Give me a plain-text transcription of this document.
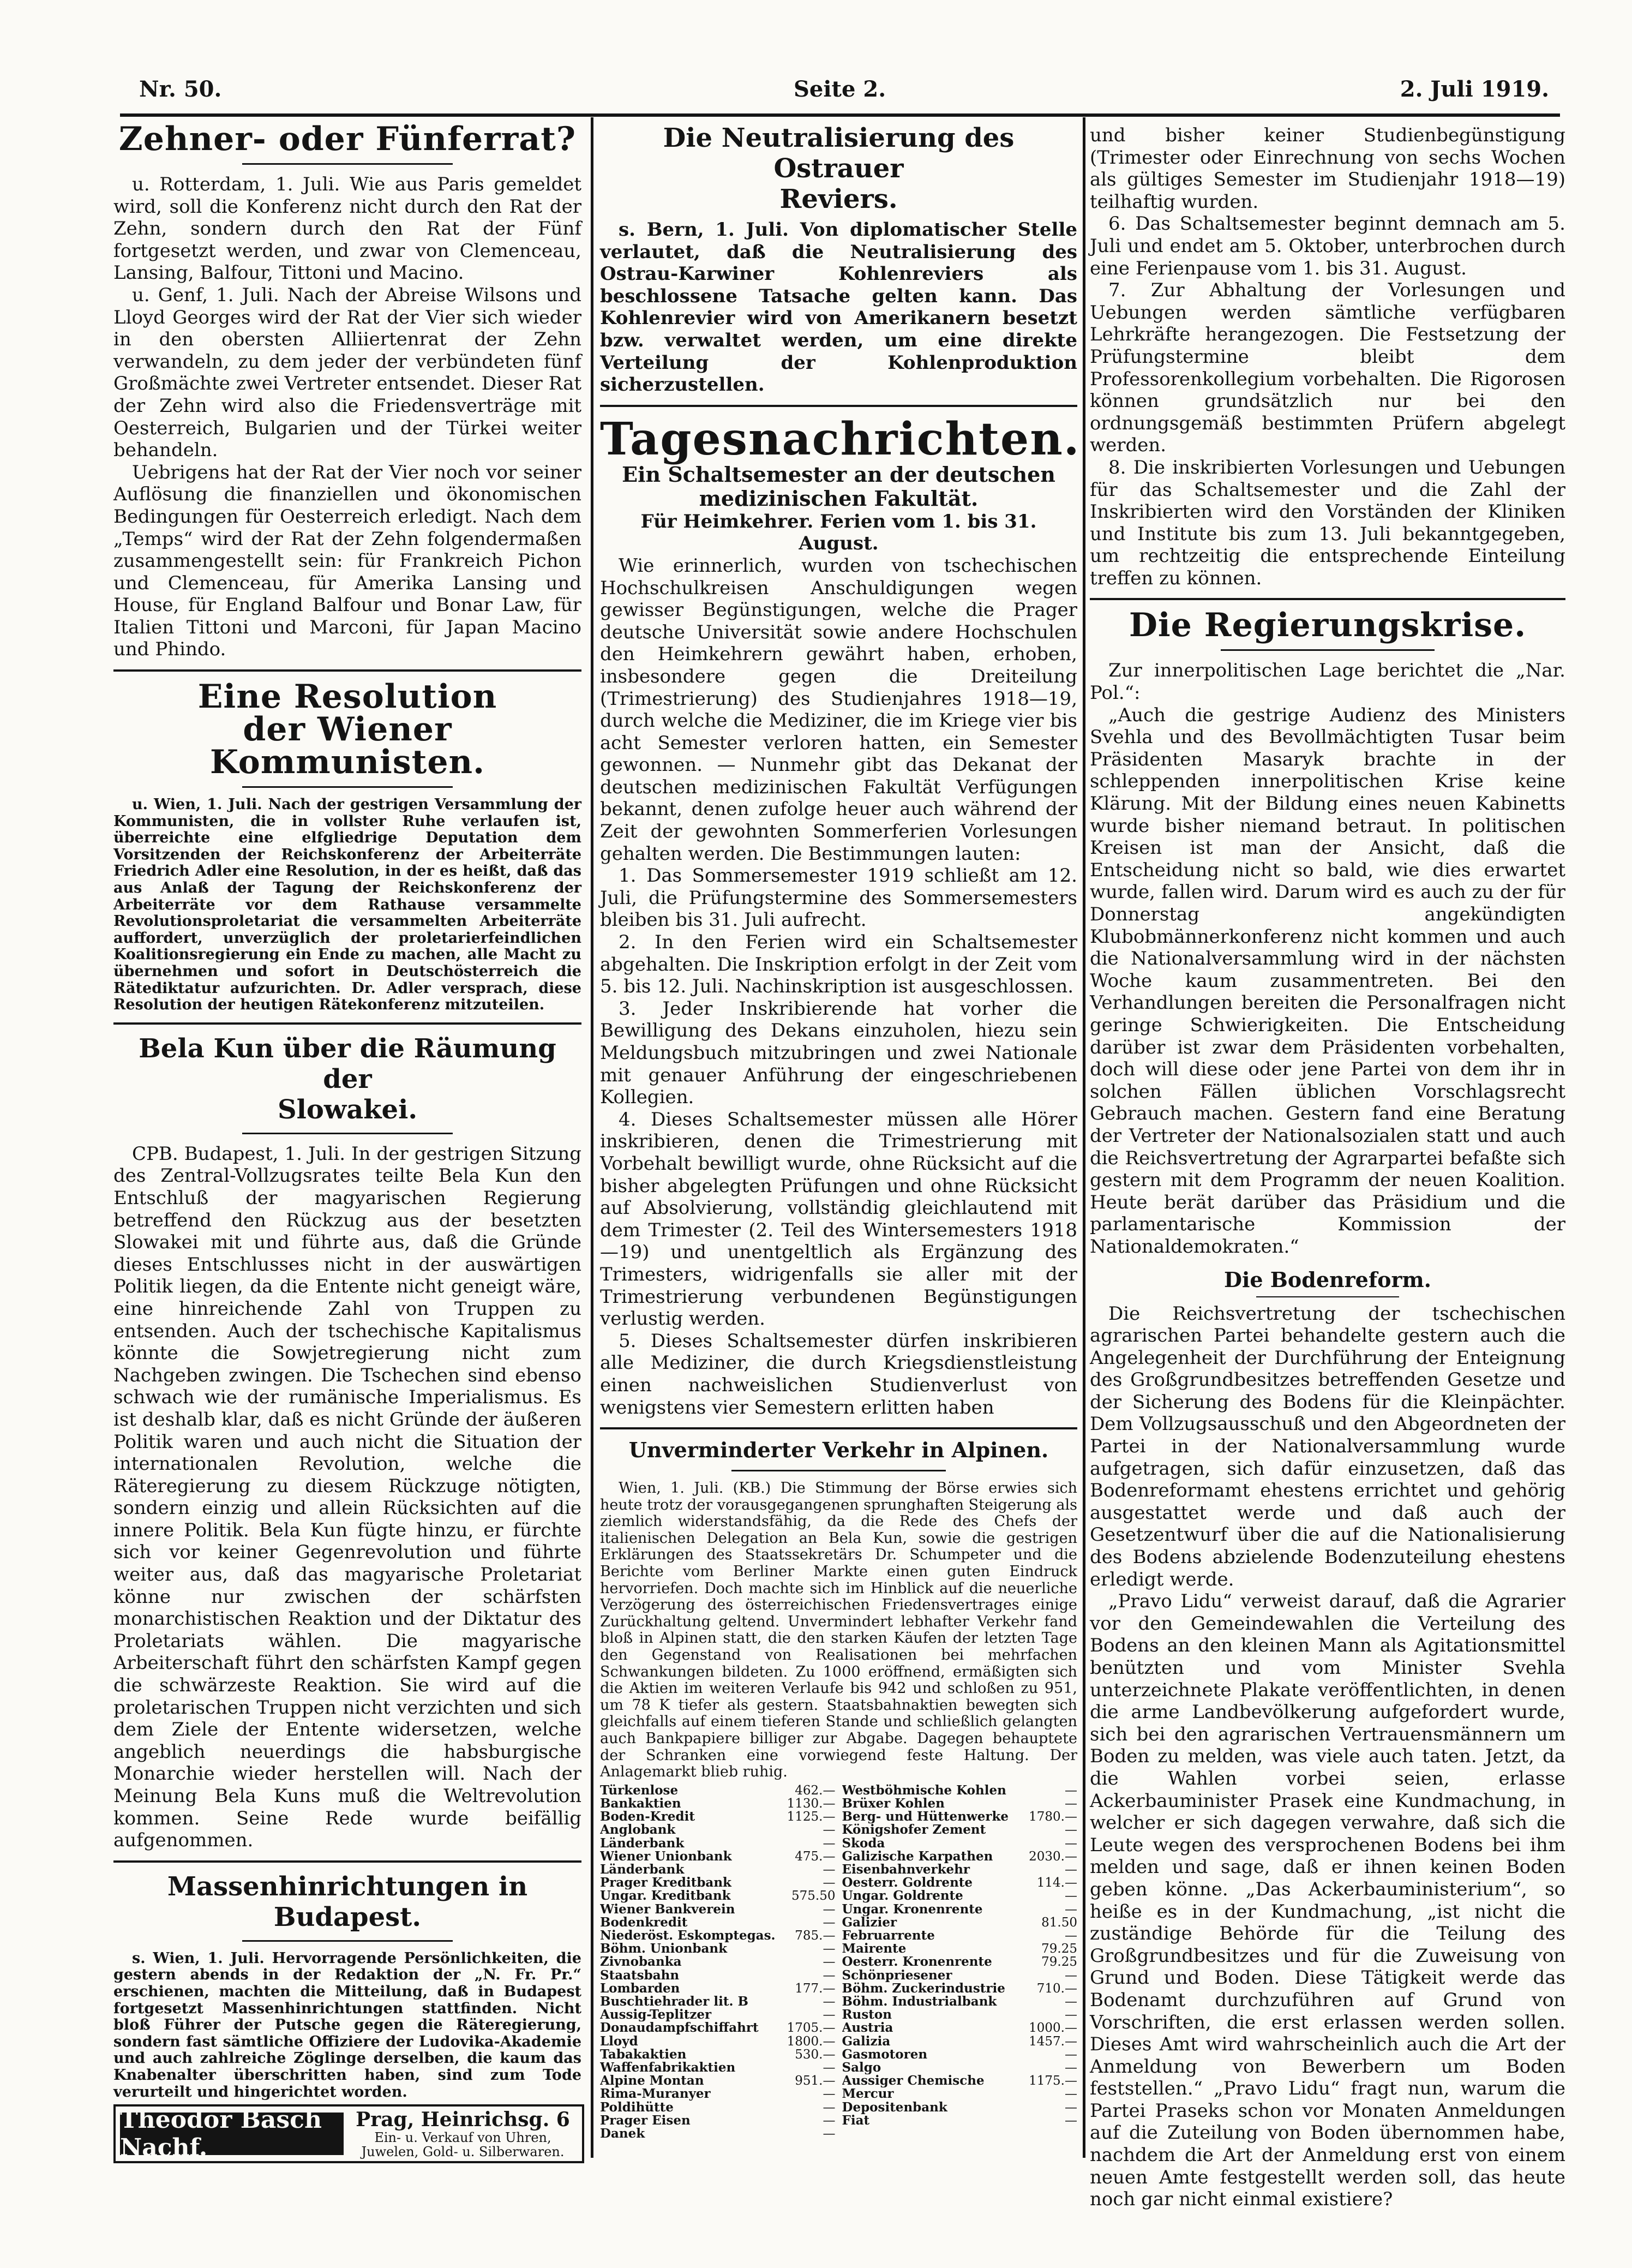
Nr. 50.	Seite 2.	2. Juli 1919.
Zehner- oder Fünferrat?

u. Rotterdam, 1. Juli. Wie aus Paris gemeldet wird, soll die Konferenz nicht durch den Rat der Zehn, sondern durch den Rat der Fünf fortgesetzt werden, und zwar von Clemenceau, Lansing, Balfour, Tittoni und Macino.

u. Genf, 1. Juli. Nach der Abreise Wilsons und Lloyd Georges wird der Rat der Vier sich wieder in den obersten Alliiertenrat der Zehn verwandeln, zu dem jeder der verbündeten fünf Großmächte zwei Vertreter entsendet. Dieser Rat der Zehn wird also die Friedensverträge mit Oesterreich, Bulgarien und der Türkei weiter behandeln.

Uebrigens hat der Rat der Vier noch vor seiner Auflösung die finanziellen und ökonomischen Bedingungen für Oesterreich erledigt. Nach dem „Temps“ wird der Rat der Zehn folgendermaßen zusammengestellt sein: für Frankreich Pichon und Clemenceau, für Amerika Lansing und House, für England Balfour und Bonar Law, für Italien Tittoni und Marconi, für Japan Macino und Phindo.

Eine Resolution
der Wiener Kommunisten.

u. Wien, 1. Juli. Nach der gestrigen Versammlung der Kommunisten, die in vollster Ruhe verlaufen ist, überreichte eine elfgliedrige Deputation dem Vorsitzenden der Reichskonferenz der Arbeiterräte Friedrich Adler eine Resolution, in der es heißt, daß das aus Anlaß der Tagung der Reichskonferenz der Arbeiterräte vor dem Rathause versammelte Revolutionsproletariat die versammelten Arbeiterräte auffordert, unverzüglich der proletarierfeindlichen Koalitionsregierung ein Ende zu machen, alle Macht zu übernehmen und sofort in Deutschösterreich die Rätediktatur aufzurichten. Dr. Adler versprach, diese Resolution der heutigen Rätekonferenz mitzuteilen.

Bela Kun über die Räumung der
Slowakei.

CPB. Budapest, 1. Juli. In der gestrigen Sitzung des Zentral-Vollzugsrates teilte Bela Kun den Entschluß der magyarischen Regierung betreffend den Rückzug aus der besetzten Slowakei mit und führte aus, daß die Gründe dieses Entschlusses nicht in der auswärtigen Politik liegen, da die Entente nicht geneigt wäre, eine hinreichende Zahl von Truppen zu entsenden. Auch der tschechische Kapitalismus könnte die Sowjetregierung nicht zum Nachgeben zwingen. Die Tschechen sind ebenso schwach wie der rumänische Imperialismus. Es ist deshalb klar, daß es nicht Gründe der äußeren Politik waren und auch nicht die Situation der internationalen Revolution, welche die Räteregierung zu diesem Rückzuge nötigten, sondern einzig und allein Rücksichten auf die innere Politik. Bela Kun fügte hinzu, er fürchte sich vor keiner Gegenrevolution und führte weiter aus, daß das magyarische Proletariat könne nur zwischen der schärfsten monarchistischen Reaktion und der Diktatur des Proletariats wählen. Die magyarische Arbeiterschaft führt den schärfsten Kampf gegen die schwärzeste Reaktion. Sie wird auf die proletarischen Truppen nicht verzichten und sich dem Ziele der Entente widersetzen, welche angeblich neuerdings die habsburgische Monarchie wieder herstellen will. Nach der Meinung Bela Kuns muß die Weltrevolution kommen. Seine Rede wurde beifällig aufgenommen.

Massenhinrichtungen in Budapest.

s. Wien, 1. Juli. Hervorragende Persönlichkeiten, die gestern abends in der Redaktion der „N. Fr. Pr.“ erschienen, machten die Mitteilung, daß in Budapest fortgesetzt Massenhinrichtungen stattfinden. Nicht bloß Führer der Putsche gegen die Räteregierung, sondern fast sämtliche Offiziere der Ludovika-Akademie und auch zahlreiche Zöglinge derselben, die kaum das Knabenalter überschritten haben, sind zum Tode verurteilt und hingerichtet worden.

Theodor Basch Nachf.
Prag, Heinrichsg. 6
Ein- u. Verkauf von Uhren,
Juwelen, Gold- u. Silberwaren.
Die Neutralisierung des Ostrauer
Reviers.

s. Bern, 1. Juli. Von diplomatischer Stelle verlautet, daß die Neutralisierung des Ostrau-Karwiner Kohlenreviers als beschlossene Tatsache gelten kann. Das Kohlenrevier wird von Amerikanern besetzt bzw. verwaltet werden, um eine direkte Verteilung der Kohlenproduktion sicherzustellen.

Tagesnachrichten.
Ein Schaltsemester an der deutschen
medizinischen Fakultät.

Für Heimkehrer. Ferien vom 1. bis 31. August.

Wie erinnerlich, wurden von tschechischen Hochschulkreisen Anschuldigungen wegen gewisser Begünstigungen, welche die Prager deutsche Universität sowie andere Hochschulen den Heimkehrern gewährt haben, erhoben, insbesondere gegen die Dreiteilung (Trimestrierung) des Studienjahres 1918—19, durch welche die Mediziner, die im Kriege vier bis acht Semester verloren hatten, ein Semester gewonnen. — Nunmehr gibt das Dekanat der deutschen medizinischen Fakultät Verfügungen bekannt, denen zufolge heuer auch während der Zeit der gewohnten Sommerferien Vorlesungen gehalten werden. Die Bestimmungen lauten:

1. Das Sommersemester 1919 schließt am 12. Juli, die Prüfungstermine des Sommersemesters bleiben bis 31. Juli aufrecht.

2. In den Ferien wird ein Schaltsemester abgehalten. Die Inskription erfolgt in der Zeit vom 5. bis 12. Juli. Nachinskription ist ausgeschlossen.

3. Jeder Inskribierende hat vorher die Bewilligung des Dekans einzuholen, hiezu sein Meldungsbuch mitzubringen und zwei Nationale mit genauer Anführung der eingeschriebenen Kollegien.

4. Dieses Schaltsemester müssen alle Hörer inskribieren, denen die Trimestrierung mit Vorbehalt bewilligt wurde, ohne Rücksicht auf die bisher abgelegten Prüfungen und ohne Rücksicht auf Absolvierung, vollständig gleichlautend mit dem Trimester (2. Teil des Wintersemesters 1918—19) und unentgeltlich als Ergänzung des Trimesters, widrigenfalls sie aller mit der Trimestrierung verbundenen Begünstigungen verlustig werden.

5. Dieses Schaltsemester dürfen inskribieren alle Mediziner, die durch Kriegsdienstleistung einen nachweislichen Studienverlust von wenigstens vier Semestern erlitten haben

Unverminderter Verkehr in Alpinen.

Wien, 1. Juli. (KB.) Die Stimmung der Börse erwies sich heute trotz der vorausgegangenen sprunghaften Steigerung als ziemlich widerstandsfähig, da die Rede des Chefs der italienischen Delegation an Bela Kun, sowie die gestrigen Erklärungen des Staatssekretärs Dr. Schumpeter und die Berichte vom Berliner Markte einen guten Eindruck hervorriefen. Doch machte sich im Hinblick auf die neuerliche Verzögerung des österreichischen Friedensvertrages einige Zurückhaltung geltend. Unvermindert lebhafter Verkehr fand bloß in Alpinen statt, die den starken Käufen der letzten Tage den Gegenstand von Realisationen bei mehrfachen Schwankungen bildeten. Zu 1000 eröffnend, ermäßigten sich die Aktien im weiteren Verlaufe bis 942 und schloßen zu 951, um 78 K tiefer als gestern. Staatsbahnaktien bewegten sich gleichfalls auf einem tieferen Stande und schließlich gelangten auch Bankpapiere billiger zur Abgabe. Dagegen behauptete der Schranken eine vorwiegend feste Haltung. Der Anlagemarkt blieb ruhig.

Türkenlose	462.—
Bankaktien	1130.—
Boden-Kredit	1125.—
Anglobank	—
Länderbank	—
Wiener Unionbank	475.—
Länderbank	—
Prager Kreditbank	—
Ungar. Kreditbank	575.50
Wiener Bankverein	—
Bodenkredit	—
Niederöst. Eskomptegas. 785.—
Böhm. Unionbank	—
Zivnobanka	—
Staatsbahn	—
Lombarden	177.—
Buschtiehrader lit. B	—
Aussig-Teplitzer	—
Donaudampfschiffahrt 1705.—
Lloyd	1800.—
Tabakaktien	530.—
Waffenfabrikaktien	—
Alpine Montan	951.—
Rima-Muranyer	—
Poldihütte	—
Prager Eisen	—
Danek	—
Westböhmische Kohlen	—
Brüxer Kohlen	—
Berg- und Hüttenwerke 1780.—
Königshofer Zement	—
Skoda	—
Galizische Karpathen	2030.—
Eisenbahnverkehr	—
Oesterr. Goldrente	114.—
Ungar. Goldrente	—
Ungar. Kronenrente	—
Galizier	81.50
Februarrente	—
Mairente	79.25
Oesterr. Kronenrente	79.25
Schönpriesener	—
Böhm. Zuckerindustrie	710.—
Böhm. Industrialbank	—
Ruston	—
Austria	1000.—
Galizia	1457.—
Gasmotoren	—
Salgo	—
Aussiger Chemische	1175.—
Mercur	—
Depositenbank	—
Fiat	—

und bisher keiner Studienbegünstigung (Trimester oder Einrechnung von sechs Wochen als gültiges Semester im Studienjahr 1918—19) teilhaftig wurden.

6. Das Schaltsemester beginnt demnach am 5. Juli und endet am 5. Oktober, unterbrochen durch eine Ferienpause vom 1. bis 31. August.

7. Zur Abhaltung der Vorlesungen und Uebungen werden sämtliche verfügbaren Lehrkräfte herangezogen. Die Festsetzung der Prüfungstermine bleibt dem Professorenkollegium vorbehalten. Die Rigorosen können grundsätzlich nur bei den ordnungsgemäß bestimmten Prüfern abgelegt werden.

8. Die inskribierten Vorlesungen und Uebungen für das Schaltsemester und die Zahl der Inskribierten wird den Vorständen der Kliniken und Institute bis zum 13. Juli bekanntgegeben, um rechtzeitig die entsprechende Einteilung treffen zu können.

Die Regierungskrise.

Zur innerpolitischen Lage berichtet die „Nar. Pol.“:

„Auch die gestrige Audienz des Ministers Svehla und des Bevollmächtigten Tusar beim Präsidenten Masaryk brachte in der schleppenden innerpolitischen Krise keine Klärung. Mit der Bildung eines neuen Kabinetts wurde bisher niemand betraut. In politischen Kreisen ist man der Ansicht, daß die Entscheidung nicht so bald, wie dies erwartet wurde, fallen wird. Darum wird es auch zu der für Donnerstag angekündigten Klubobmännerkonferenz nicht kommen und auch die Nationalversammlung wird in der nächsten Woche kaum zusammentreten. Bei den Verhandlungen bereiten die Personalfragen nicht geringe Schwierigkeiten. Die Entscheidung darüber ist zwar dem Präsidenten vorbehalten, doch will diese oder jene Partei von dem ihr in solchen Fällen üblichen Vorschlagsrecht Gebrauch machen. Gestern fand eine Beratung der Vertreter der Nationalsozialen statt und auch die Reichsvertretung der Agrarpartei befaßte sich gestern mit dem Programm der neuen Koalition. Heute berät darüber das Präsidium und die parlamentarische Kommission der Nationaldemokraten.“

Die Bodenreform.

Die Reichsvertretung der tschechischen agrarischen Partei behandelte gestern auch die Angelegenheit der Durchführung der Enteignung des Großgrundbesitzes betreffenden Gesetze und der Sicherung des Bodens für die Kleinpächter. Dem Vollzugsausschuß und den Abgeordneten der Partei in der Nationalversammlung wurde aufgetragen, sich dafür einzusetzen, daß das Bodenreformamt ehestens errichtet und gehörig ausgestattet werde und daß auch der Gesetzentwurf über die auf die Nationalisierung des Bodens abzielende Bodenzuteilung ehestens erledigt werde.

„Pravo Lidu“ verweist darauf, daß die Agrarier vor den Gemeindewahlen die Verteilung des Bodens an den kleinen Mann als Agitationsmittel benützten und vom Minister Svehla unterzeichnete Plakate veröffentlichten, in denen die arme Landbevölkerung aufgefordert wurde, sich bei den agrarischen Vertrauensmännern um Boden zu melden, was viele auch taten. Jetzt, da die Wahlen vorbei seien, erlasse Ackerbauminister Prasek eine Kundmachung, in welcher er sich dagegen verwahre, daß sich die Leute wegen des versprochenen Bodens bei ihm melden und sage, daß er ihnen keinen Boden geben könne. „Das Ackerbauministerium“, so heiße es in der Kundmachung, „ist nicht die zuständige Behörde für die Teilung des Großgrundbesitzes und für die Zuweisung von Grund und Boden. Diese Tätigkeit werde das Bodenamt durchzuführen auf Grund von Vorschriften, die erst erlassen werden sollen. Dieses Amt wird wahrscheinlich auch die Art der Anmeldung von Bewerbern um Boden feststellen.“ „Pravo Lidu“ fragt nun, warum die Partei Praseks schon vor Monaten Anmeldungen auf die Zuteilung von Boden übernommen habe, nachdem die Art der Anmeldung erst von einem neuen Amte festgestellt werden soll, das heute noch gar nicht einmal existiere?
